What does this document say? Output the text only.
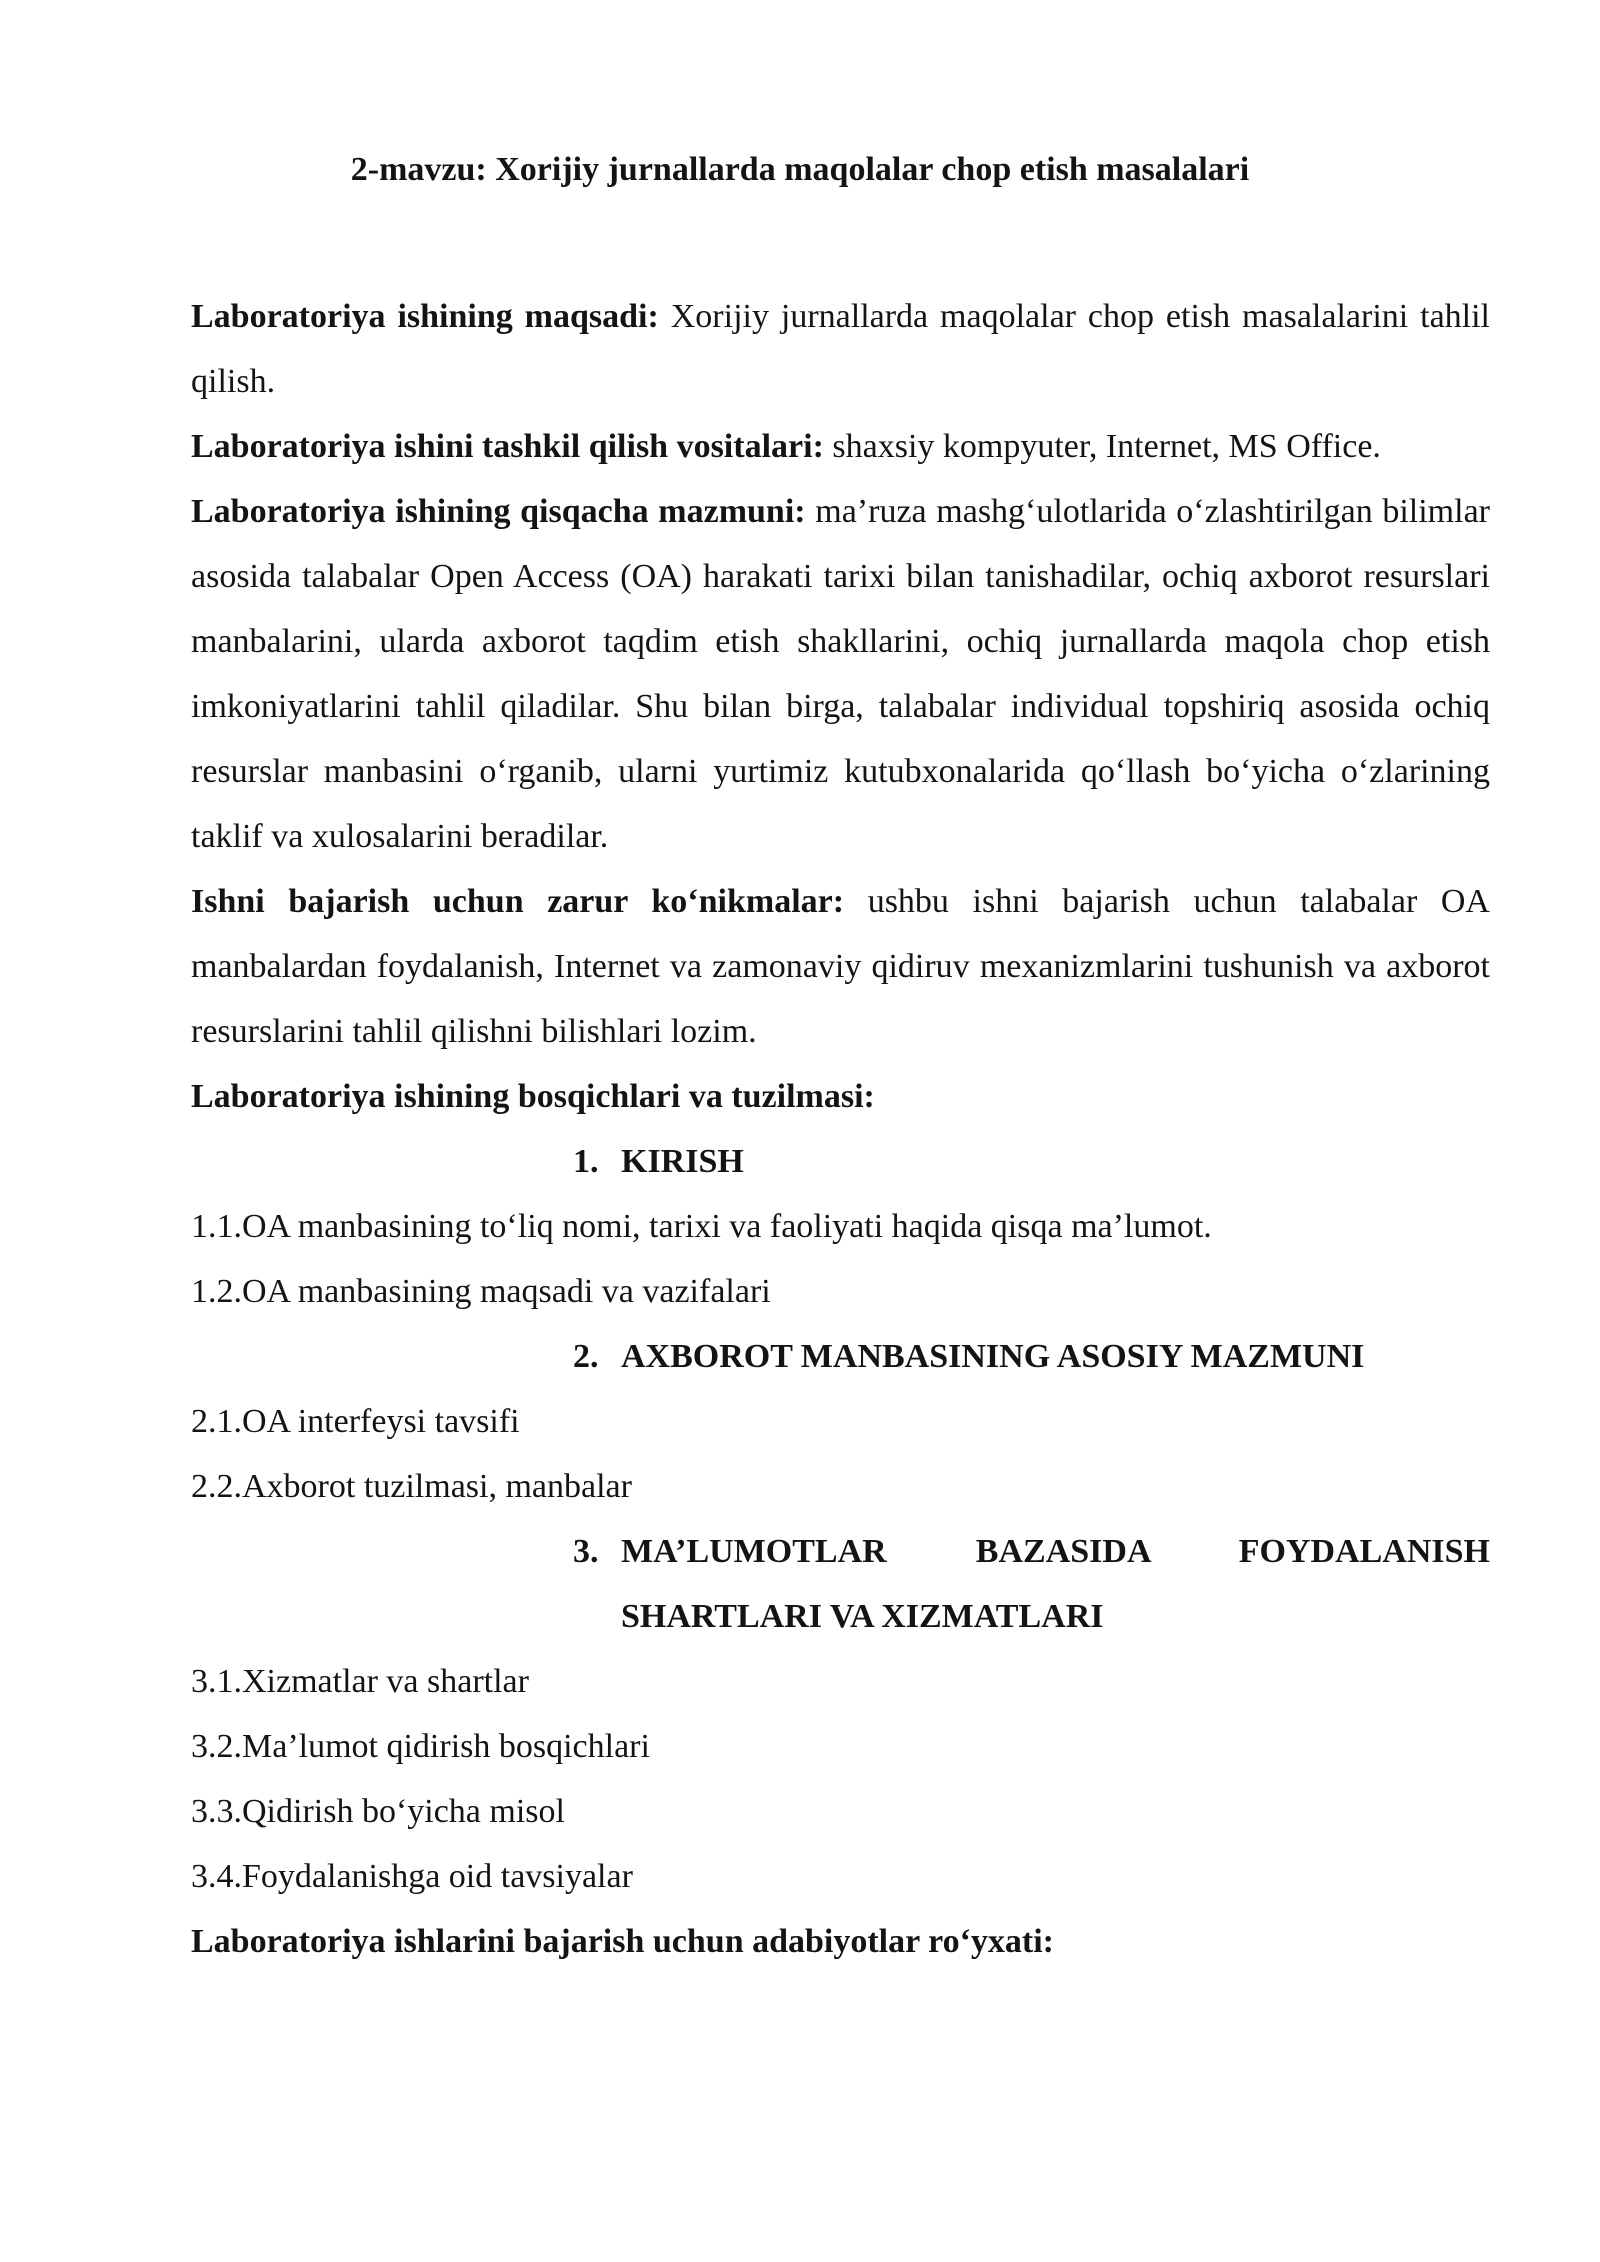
2-mavzu: Xorijiy jurnallarda maqolalar chop etish masalalari

Laboratoriya ishining maqsadi: Xorijiy jurnallarda maqolalar chop etish masalalarini tahlil qilish.

Laboratoriya ishini tashkil qilish vositalari: shaxsiy kompyuter, Internet, MS Office.

Laboratoriya ishining qisqacha mazmuni: ma’ruza mashg‘ulotlarida o‘zlashtirilgan bilimlar asosida talabalar Open Access (OA) harakati tarixi bilan tanishadilar, ochiq axborot resurslari manbalarini, ularda axborot taqdim etish shakllarini, ochiq jurnallarda maqola chop etish imkoniyatlarini tahlil qiladilar. Shu bilan birga, talabalar individual topshiriq asosida ochiq resurslar manbasini o‘rganib, ularni yurtimiz kutubxonalarida qo‘llash bo‘yicha o‘zlarining taklif va xulosalarini beradilar.

Ishni bajarish uchun zarur ko‘nikmalar: ushbu ishni bajarish uchun talabalar OA manbalardan foydalanish, Internet va zamonaviy qidiruv mexanizmlarini tushunish va axborot resurslarini tahlil qilishni bilishlari lozim.

Laboratoriya ishining bosqichlari va tuzilmasi:

1. KIRISH

1.1.OA manbasining to‘liq nomi, tarixi va faoliyati haqida qisqa ma’lumot.

1.2.OA manbasining maqsadi va vazifalari

2. AXBOROT MANBASINING ASOSIY MAZMUNI

2.1.OA interfeysi tavsifi

2.2.Axborot tuzilmasi, manbalar

3. MA’LUMOTLAR BAZASIDA FOYDALANISH SHARTLARI VA XIZMATLARI

3.1.Xizmatlar va shartlar

3.2.Ma’lumot qidirish bosqichlari

3.3.Qidirish bo‘yicha misol

3.4.Foydalanishga oid tavsiyalar

Laboratoriya ishlarini bajarish uchun adabiyotlar ro‘yxati:
